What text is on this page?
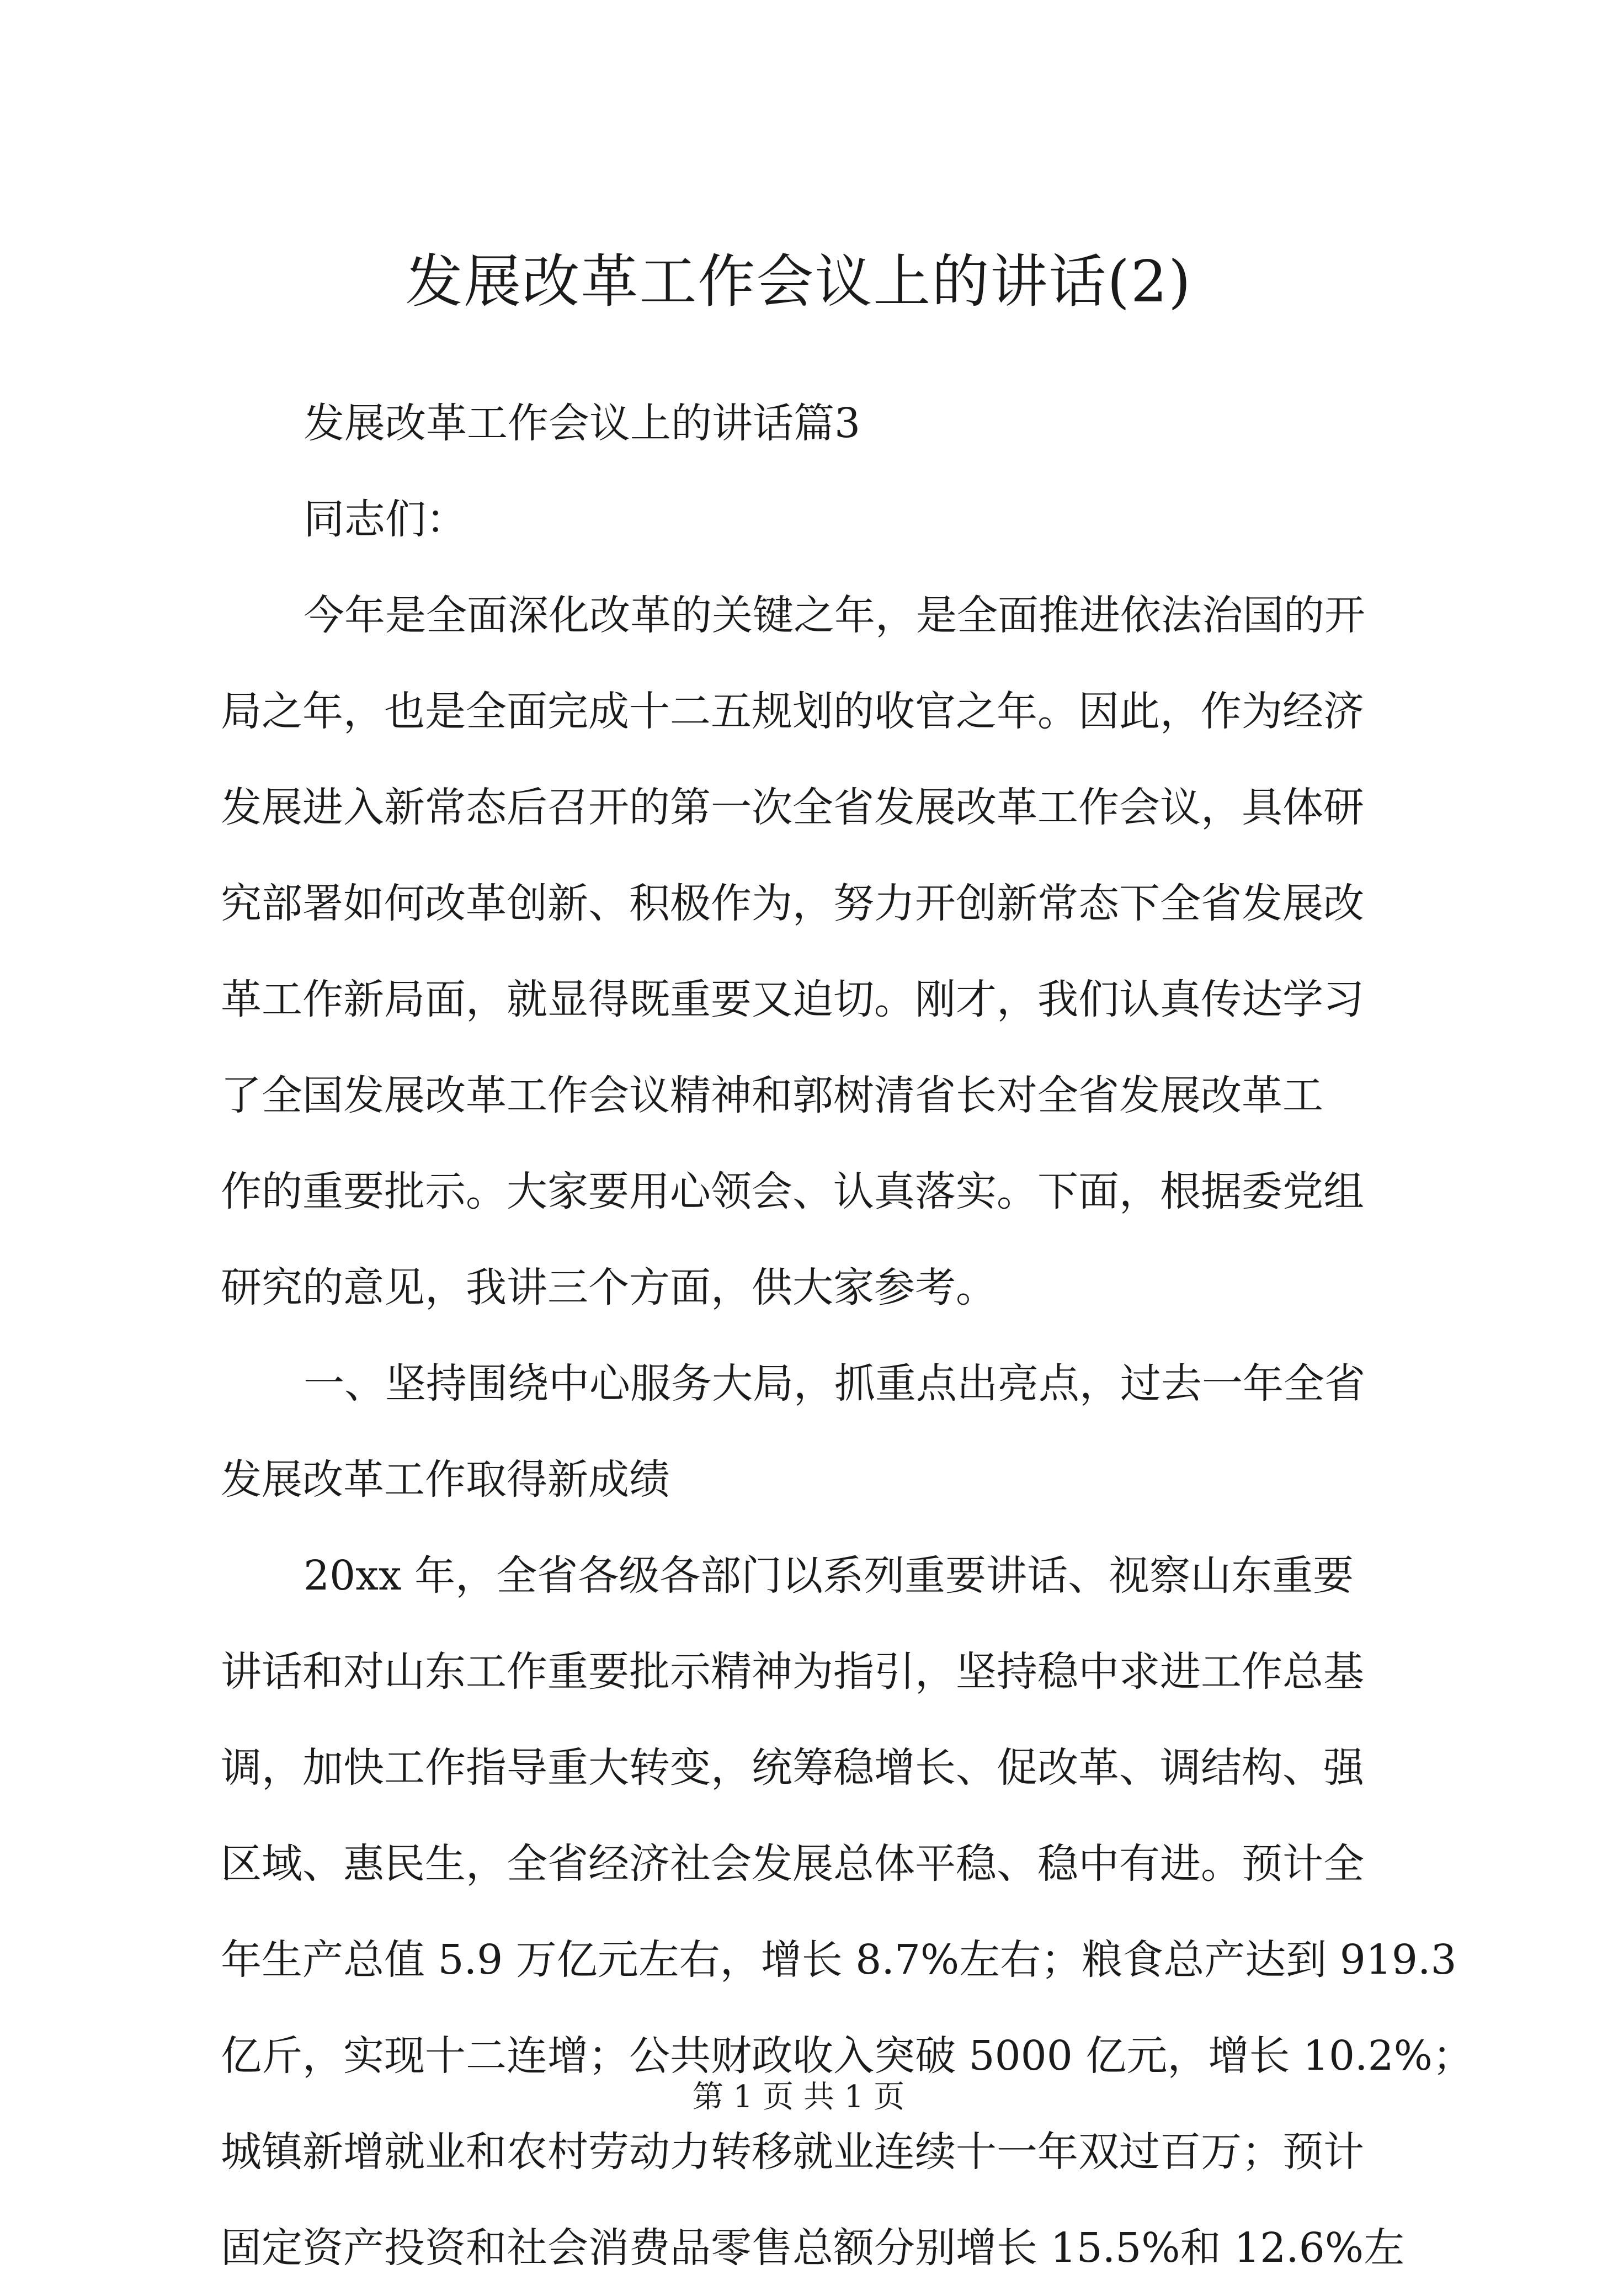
发展改革工作会议上的讲话(2)

发展改革工作会议上的讲话篇3

同志们：

今年是全面深化改革的关键之年，是全面推进依法治国的开

局之年，也是全面完成十二五规划的收官之年。因此，作为经济

发展进入新常态后召开的第一次全省发展改革工作会议，具体研

究部署如何改革创新、积极作为，努力开创新常态下全省发展改

革工作新局面，就显得既重要又迫切。刚才，我们认真传达学习

了全国发展改革工作会议精神和郭树清省长对全省发展改革工

作的重要批示。大家要用心领会、认真落实。下面，根据委党组

研究的意见，我讲三个方面，供大家参考。

一、坚持围绕中心服务大局，抓重点出亮点，过去一年全省

发展改革工作取得新成绩

20xx 年，全省各级各部门以系列重要讲话、视察山东重要

讲话和对山东工作重要批示精神为指引，坚持稳中求进工作总基

调，加快工作指导重大转变，统筹稳增长、促改革、调结构、强

区域、惠民生，全省经济社会发展总体平稳、稳中有进。预计全

年生产总值 5.9 万亿元左右，增长 8.7%左右；粮食总产达到 919.3

亿斤，实现十二连增；公共财政收入突破 5000 亿元，增长 10.2%；

城镇新增就业和农村劳动力转移就业连续十一年双过百万；预计

固定资产投资和社会消费品零售总额分别增长 15.5%和 12.6%左

第 1 页 共 1 页
